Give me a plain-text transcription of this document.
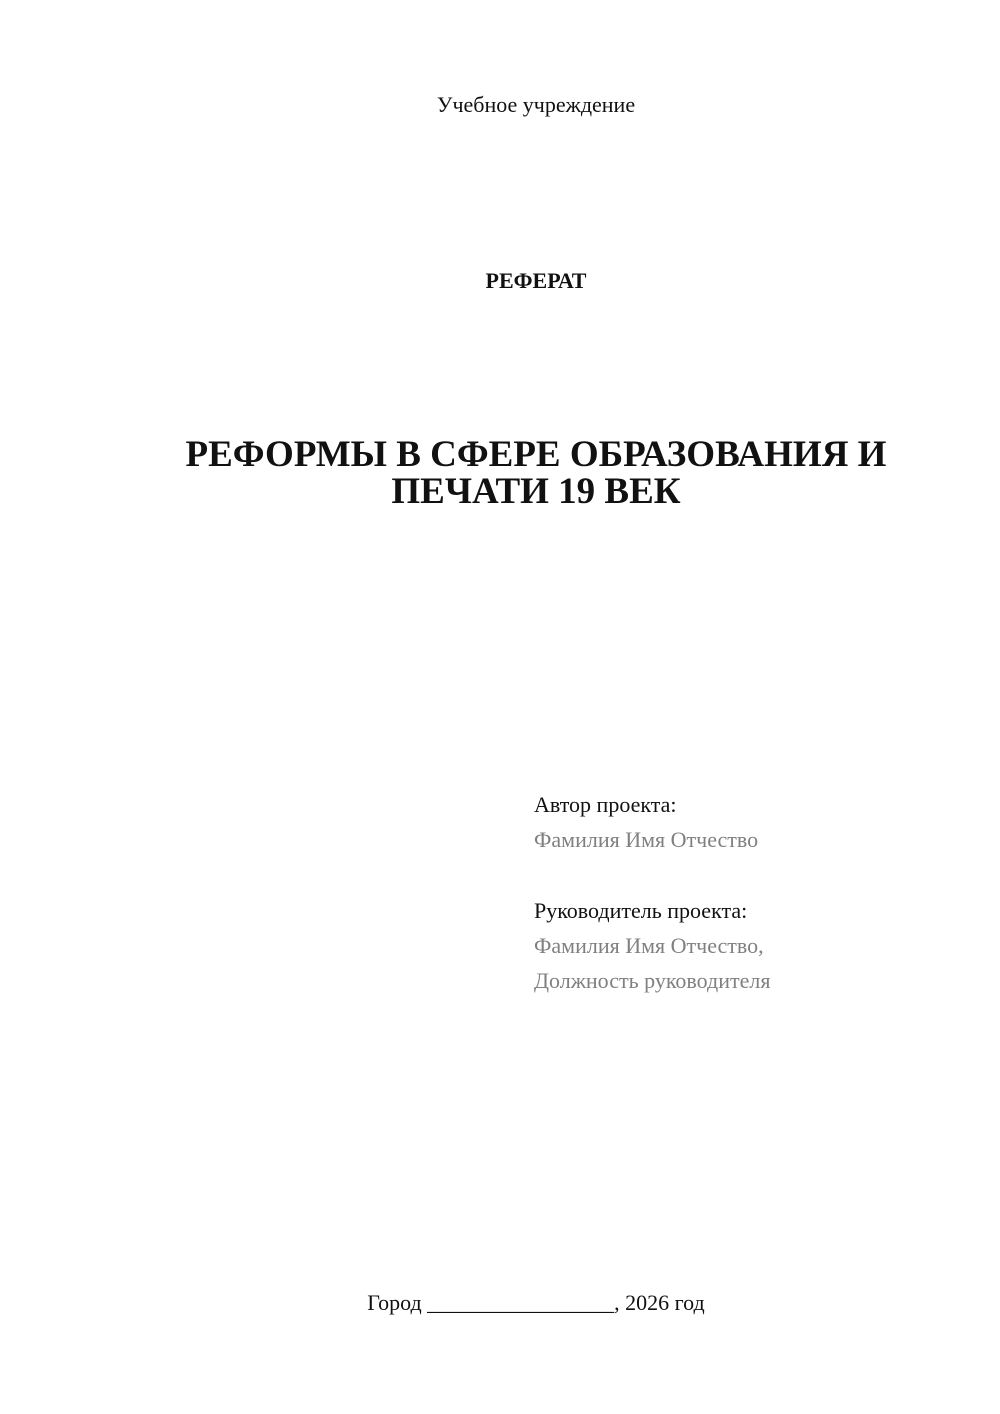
Учебное учреждение
РЕФЕРАТ
РЕФОРМЫ В СФЕРЕ ОБРАЗОВАНИЯ И
ПЕЧАТИ 19 ВЕК
Автор проекта:
Фамилия Имя Отчество
Руководитель проекта:
Фамилия Имя Отчество,
Должность руководителя
Город _________________, 2026 год
